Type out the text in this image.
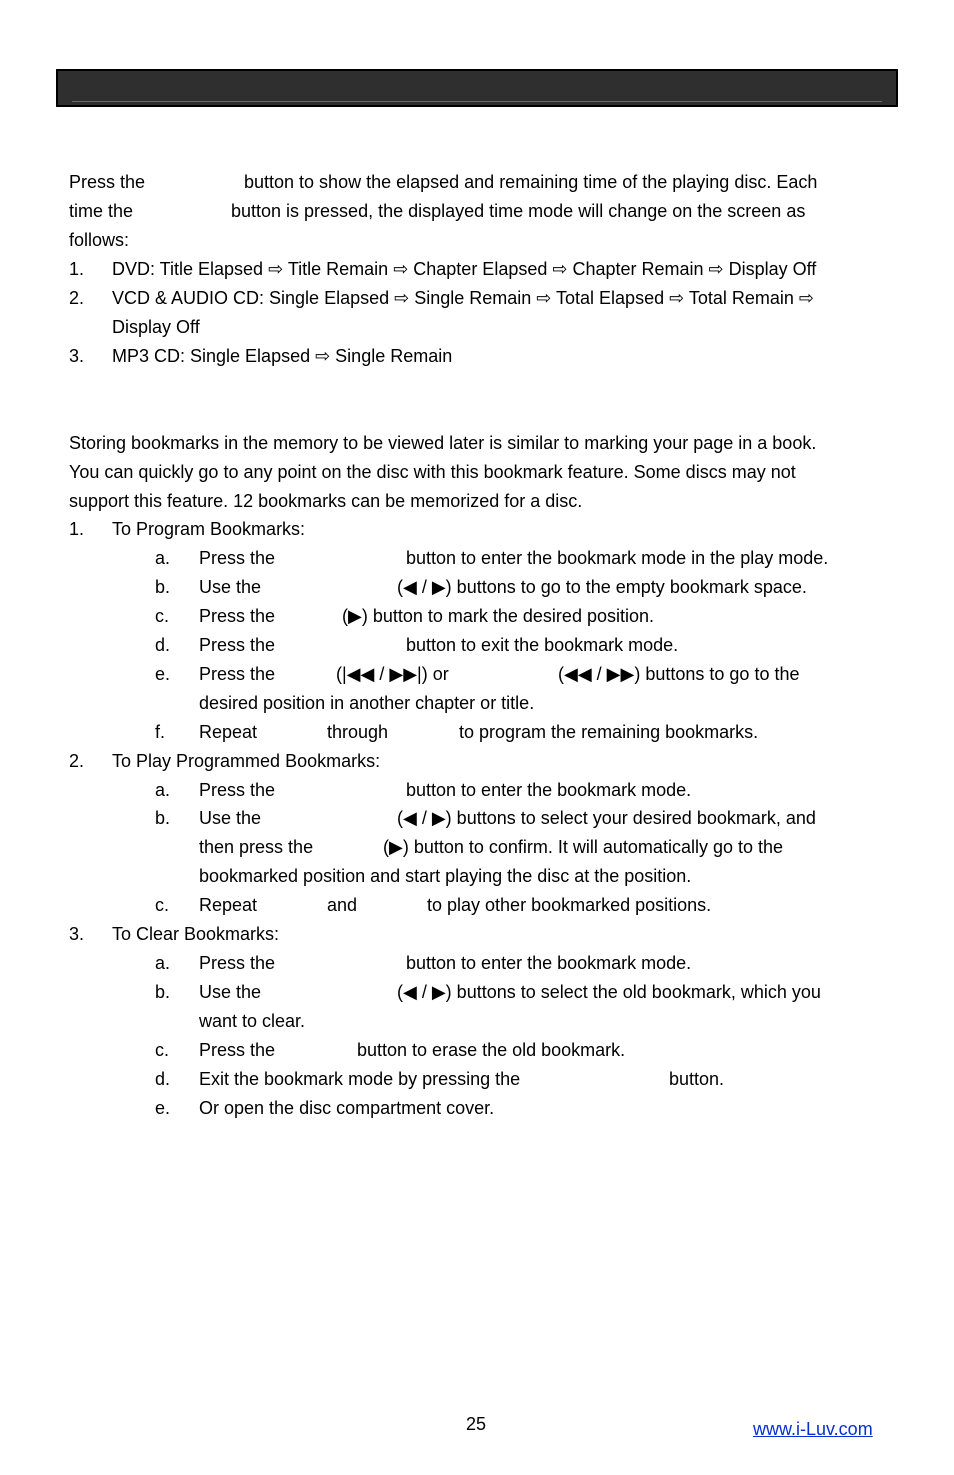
Press the	button to show the elapsed and remaining time of the playing disc. Each
time the	button is pressed, the displayed time mode will change on the screen as
follows:
1. DVD: Title Elapsed ⇨ Title Remain ⇨ Chapter Elapsed ⇨ Chapter Remain ⇨ Display Off
2. VCD & AUDIO CD: Single Elapsed ⇨ Single Remain ⇨ Total Elapsed ⇨ Total Remain ⇨
Display Off
3. MP3 CD: Single Elapsed ⇨ Single Remain
Storing bookmarks in the memory to be viewed later is similar to marking your page in a book.
You can quickly go to any point on the disc with this bookmark feature. Some discs may not
support this feature. 12 bookmarks can be memorized for a disc.
1. To Program Bookmarks:
a. Press the	button to enter the bookmark mode in the play mode.
b. Use the	(◀ / ▶) buttons to go to the empty bookmark space.
c. Press the	(▶) button to mark the desired position.
d. Press the	button to exit the bookmark mode.
e. Press the	(|◀◀ / ▶▶|) or	(◀◀ / ▶▶) buttons to go to the
desired position in another chapter or title.
f. Repeat	through	to program the remaining bookmarks.
2. To Play Programmed Bookmarks:
a. Press the	button to enter the bookmark mode.
b. Use the	(◀ / ▶) buttons to select your desired bookmark, and
then press the	(▶) button to confirm. It will automatically go to the
bookmarked position and start playing the disc at the position.
c. Repeat	and	to play other bookmarked positions.
3. To Clear Bookmarks:
a. Press the	button to enter the bookmark mode.
b. Use the	(◀ / ▶) buttons to select the old bookmark, which you
want to clear.
c. Press the	button to erase the old bookmark.
d. Exit the bookmark mode by pressing the	button.
e. Or open the disc compartment cover.
25	www.i-Luv.com
